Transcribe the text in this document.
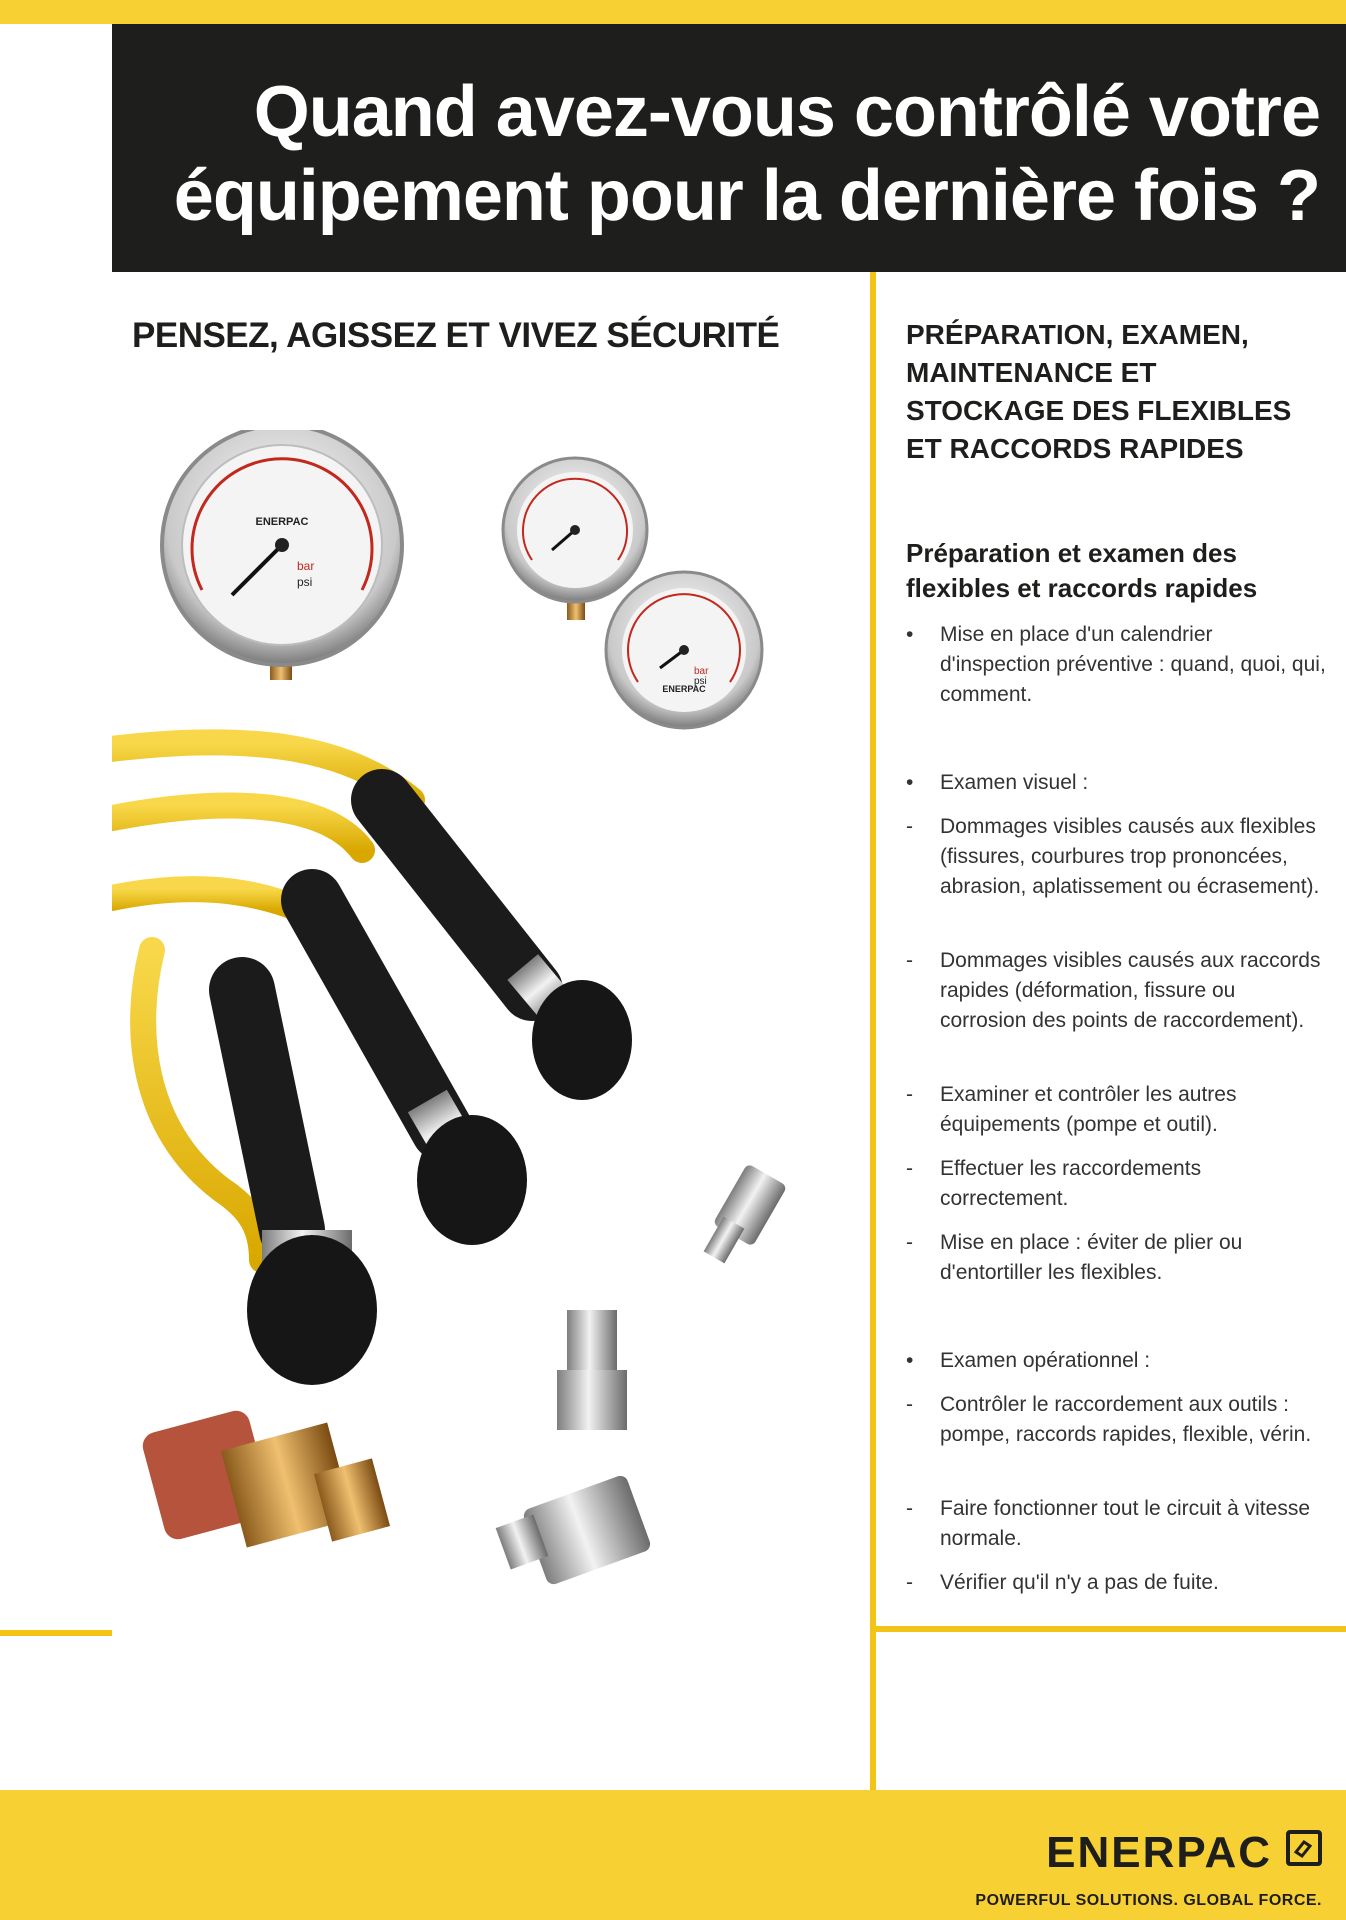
Quand avez-vous contrôlé votre
équipement pour la dernière fois ?
PENSEZ, AGISSEZ ET VIVEZ SÉCURITÉ
ENERPAC
bar
psi
ENERPAC
bar
psi
PRÉPARATION, EXAMEN,
MAINTENANCE ET
STOCKAGE DES FLEXIBLES
ET RACCORDS RAPIDES
Préparation et examen des flexibles et raccords rapides
•	Mise en place d'un calendrier d'inspection préventive : quand, quoi, qui, comment.
•	Examen visuel :
-	Dommages visibles causés aux flexibles (fissures, courbures trop prononcées, abrasion, aplatissement ou écrasement).
-	Dommages visibles causés aux raccords rapides (déformation, fissure ou corrosion des points de raccordement).
-	Examiner et contrôler les autres équipements (pompe et outil).
-	Effectuer les raccordements correctement.
-	Mise en place : éviter de plier ou d'entortiller les flexibles.
•	Examen opérationnel :
-	Contrôler le raccordement aux outils : pompe, raccords rapides, flexible, vérin.
-	Faire fonctionner tout le circuit à vitesse normale.
-	Vérifier qu'il n'y a pas de fuite.
ENERPAC
POWERFUL SOLUTIONS. GLOBAL FORCE.
